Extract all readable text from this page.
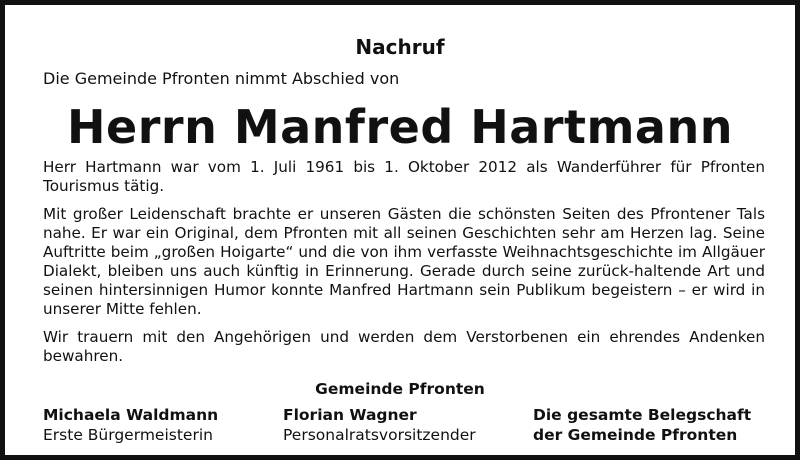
Nachruf
Die Gemeinde Pfronten nimmt Abschied von
Herrn Manfred Hartmann

Herr Hartmann war vom 1. Juli 1961 bis 1. Oktober 2012 als Wanderführer für Pfronten Tourismus tätig.

Mit großer Leidenschaft brachte er unseren Gästen die schönsten Seiten des Pfrontener Tals nahe. Er war ein Original, dem Pfronten mit all seinen Geschichten sehr am Herzen lag. Seine Auftritte beim „großen Hoigarte“ und die von ihm verfasste Weihnachtsgeschichte im Allgäuer Dialekt, bleiben uns auch künftig in Erinnerung. Gerade durch seine zurück-haltende Art und seinen hintersinnigen Humor konnte Manfred Hartmann sein Publikum begeistern – er wird in unserer Mitte fehlen.

Wir trauern mit den Angehörigen und werden dem Verstorbenen ein ehrendes Andenken bewahren.

Gemeinde Pfronten
Michaela Waldmann
Erste Bürgermeisterin
Florian Wagner
Personalratsvorsitzender
Die gesamte Belegschaft
der Gemeinde Pfronten
